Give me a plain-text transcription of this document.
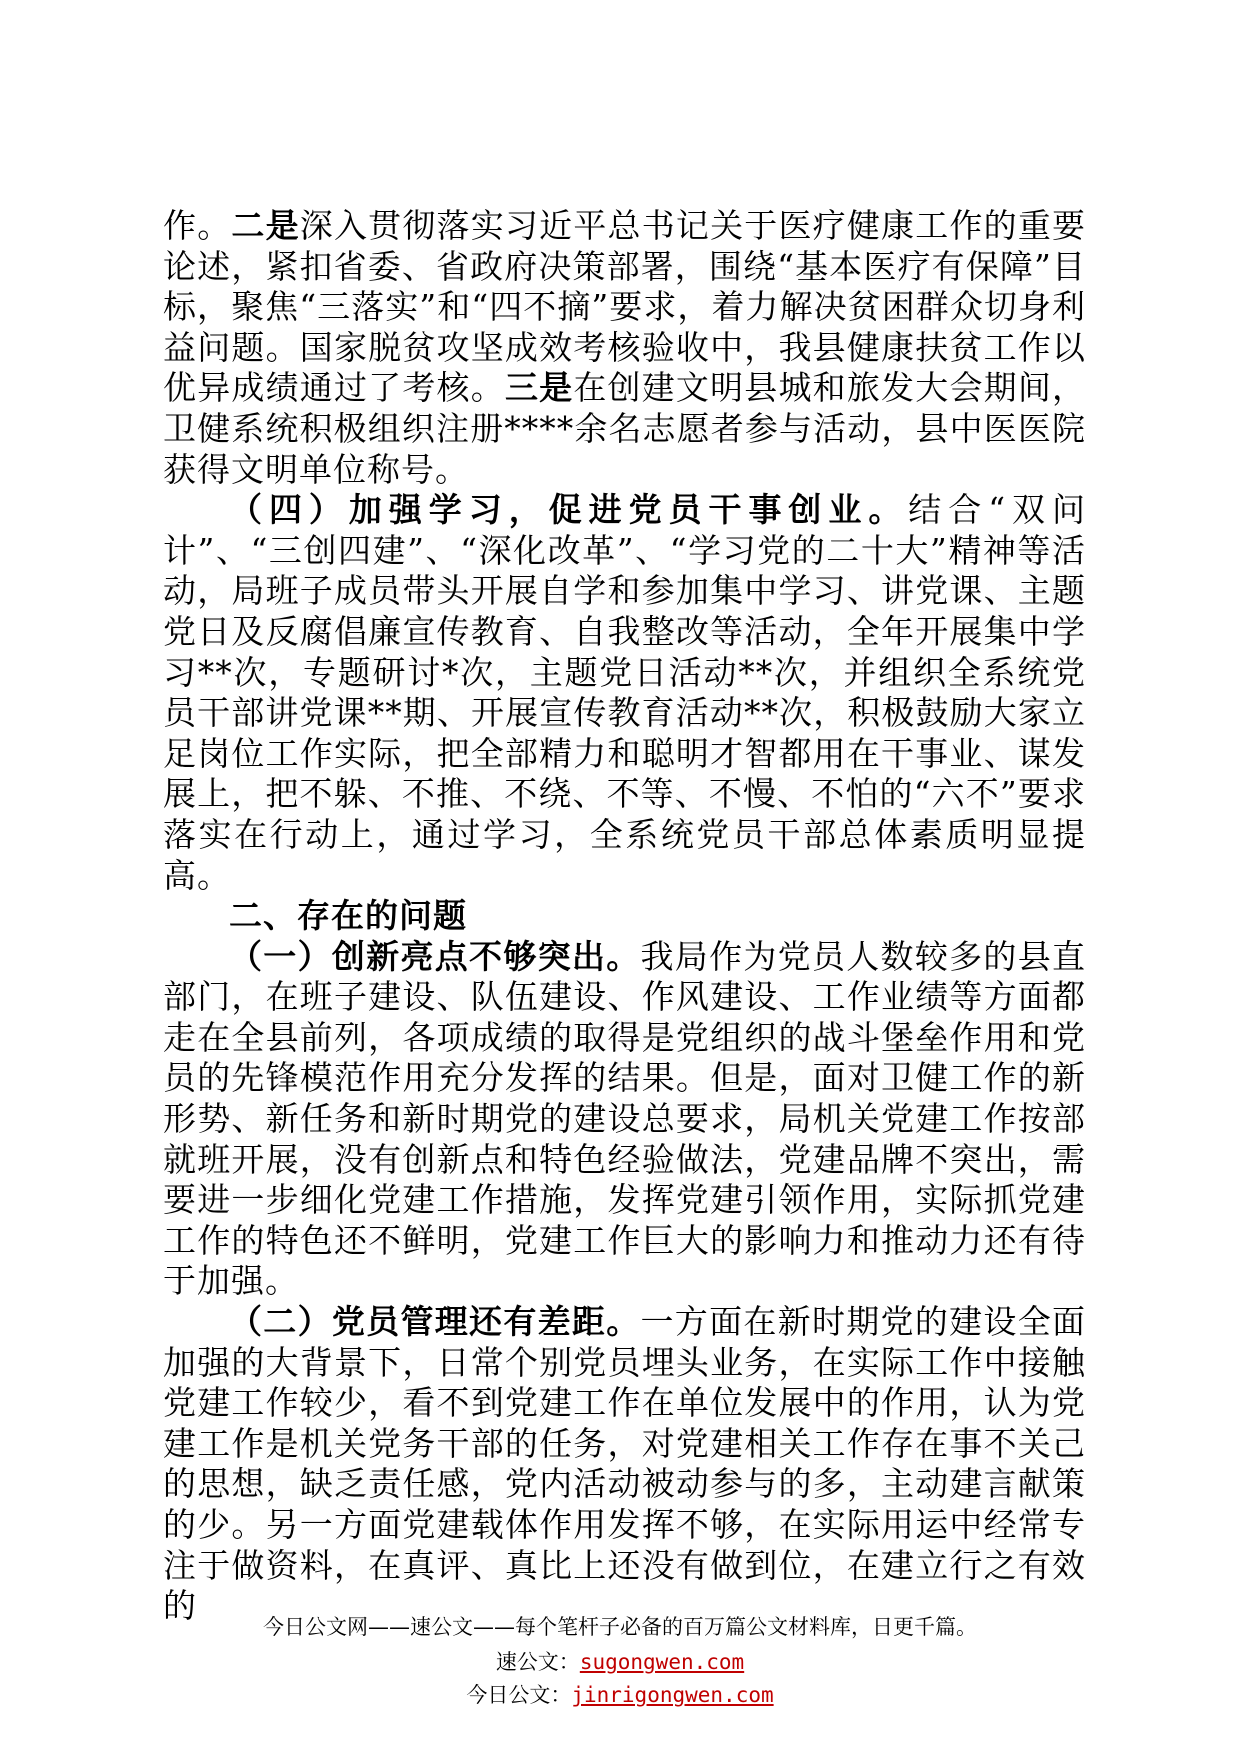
作。二是深入贯彻落实习近平总书记关于医疗健康工作的重要论述，紧扣省委、省政府决策部署，围绕“基本医疗有保障”目标，聚焦“三落实”和“四不摘”要求，着力解决贫困群众切身利益问题。国家脱贫攻坚成效考核验收中，我县健康扶贫工作以优异成绩通过了考核。三是在创建文明县城和旅发大会期间，卫健系统积极组织注册****余名志愿者参与活动，县中医医院获得文明单位称号。

（四）加强学习，促进党员干事创业。结合“双问计”、“三创四建”、“深化改革”、“学习党的二十大”精神等活动，局班子成员带头开展自学和参加集中学习、讲党课、主题党日及反腐倡廉宣传教育、自我整改等活动，全年开展集中学习**次，专题研讨*次，主题党日活动**次，并组织全系统党员干部讲党课**期、开展宣传教育活动**次，积极鼓励大家立足岗位工作实际，把全部精力和聪明才智都用在干事业、谋发展上，把不躲、不推、不绕、不等、不慢、不怕的“六不”要求落实在行动上，通过学习，全系统党员干部总体素质明显提高。

二、存在的问题

（一）创新亮点不够突出。我局作为党员人数较多的县直部门，在班子建设、队伍建设、作风建设、工作业绩等方面都走在全县前列，各项成绩的取得是党组织的战斗堡垒作用和党员的先锋模范作用充分发挥的结果。但是，面对卫健工作的新形势、新任务和新时期党的建设总要求，局机关党建工作按部就班开展，没有创新点和特色经验做法，党建品牌不突出，需要进一步细化党建工作措施，发挥党建引领作用，实际抓党建工作的特色还不鲜明，党建工作巨大的影响力和推动力还有待于加强。

（二）党员管理还有差距。一方面在新时期党的建设全面加强的大背景下，日常个别党员埋头业务，在实际工作中接触党建工作较少，看不到党建工作在单位发展中的作用，认为党建工作是机关党务干部的任务，对党建相关工作存在事不关己的思想，缺乏责任感，党内活动被动参与的多，主动建言献策的少。另一方面党建载体作用发挥不够，在实际用运中经常专注于做资料，在真评、真比上还没有做到位，在建立行之有效的

今日公文网——速公文——每个笔杆子必备的百万篇公文材料库，日更千篇。
速公文：sugongwen.com
今日公文：jinrigongwen.com
